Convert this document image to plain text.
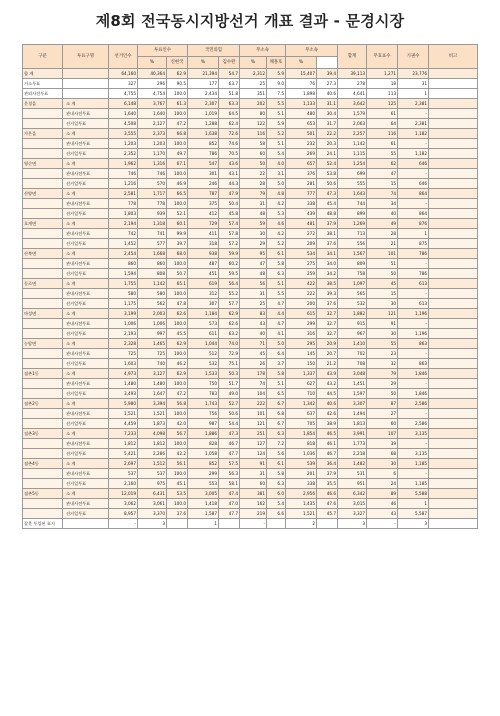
제8회 전국동시지방선거 개표 결과 - 문경시장
구분	투표구명	선거인수	투표인수		국민의힘		무소속		무소속		합계	무효표수	기권수	비고
			%	신현국	%	김수완	%	채홍호	%					
합 계		64,160	40,364	62.9	21,394	54.7	2,312	5.9	15,407	39.4	39,113	1,271	23,776	
거소투표		327	296	90.5	177	63.7	25	9.0	76	27.3	278	18	31	
관외사전투표		4,755	4,754	100.0	2,434	51.8	351	7.5	1,898	40.6	4,641	113	1	
문경읍	소 계	6,148	3,767	61.3	2,307	63.3	202	5.5	1,133	31.1	3,642	125	2,381	
	관내사전투표	1,640	1,640	100.0	1,019	64.5	80	5.1	480	30.4	1,579	61	-	
	선거일투표	4,508	2,127	47.2	1,288	62.4	122	5.9	653	31.7	2,063	64	2,381	
가은읍	소 계	3,555	2,373	66.8	1,638	72.6	116	5.2	501	22.2	2,257	116	1,182	
	관내사전투표	1,203	1,203	100.0	852	74.6	58	5.1	232	20.3	1,142	61	-	
	선거일투표	2,352	1,170	49.7	786	70.5	60	5.4	269	24.1	1,115	55	1,182	
영순면	소 계	1,962	1,316	67.1	547	43.6	50	4.0	657	52.4	1,254	62	646	
	관내사전투표	746	746	100.0	301	43.1	22	3.1	376	53.8	699	47	-	
	선거일투표	1,216	570	46.9	246	44.3	28	5.0	281	50.6	555	15	646	
산양면	소 계	2,581	1,717	66.5	787	47.9	79	4.8	777	47.3	1,643	74	864	
	관내사전투표	778	778	100.0	375	50.4	31	4.2	338	45.4	744	34	-	
	선거일투표	1,803	939	52.1	412	45.8	48	5.3	439	48.8	899	40	864	
호계면	소 계	2,194	1,318	60.1	729	57.4	59	4.6	481	37.9	1,269	49	876	
	관내사전투표	742	741	99.9	411	57.8	30	4.2	272	38.1	713	28	1	
	선거일투표	1,452	577	39.7	318	57.2	29	5.2	209	37.6	556	21	875	
산북면	소 계	2,454	1,668	68.0	938	59.9	95	6.1	534	34.1	1,567	101	786	
	관내사전투표	860	860	100.0	487	60.2	47	5.8	275	34.0	809	51	-	
	선거일투표	1,594	808	50.7	451	59.5	48	6.3	259	34.2	758	50	786	
동로면	소 계	1,755	1,142	65.1	619	56.4	56	5.1	422	38.5	1,097	45	613	
	관내사전투표	580	580	100.0	312	55.2	31	5.5	222	39.3	565	15	-	
	선거일투표	1,175	562	47.8	307	57.7	25	4.7	200	37.6	532	30	613	
마성면	소 계	3,199	2,003	62.6	1,184	62.9	83	4.4	615	32.7	1,882	121	1,196	
	관내사전투표	1,006	1,006	100.0	573	62.6	43	4.7	299	32.7	915	91	-	
	선거일투표	2,193	997	45.5	611	63.2	40	4.1	316	32.7	967	30	1,196	
농암면	소 계	2,328	1,465	62.9	1,044	74.0	71	5.0	295	20.9	1,410	55	863	
	관내사전투표	725	725	100.0	512	72.9	45	6.4	145	20.7	702	23	-	
	선거일투표	1,603	740	46.2	532	75.1	26	3.7	150	21.2	708	32	863	
점촌1동	소 계	4,973	3,127	62.9	1,533	50.3	178	5.8	1,337	43.9	3,048	79	1,846	
	관내사전투표	1,480	1,480	100.0	750	51.7	74	5.1	627	43.2	1,451	29	-	
	선거일투표	3,493	1,647	47.2	783	49.0	104	6.5	710	44.5	1,597	50	1,846	
점촌2동	소 계	5,980	3,394	56.8	1,743	52.7	222	6.7	1,342	40.6	3,307	87	2,586	
	관내사전투표	1,521	1,521	100.0	756	50.6	101	6.8	637	42.6	1,494	27	-	
	선거일투표	4,459	1,873	42.0	987	54.4	121	6.7	705	38.9	1,813	60	2,586	
점촌3동	소 계	7,233	4,098	56.7	1,886	47.3	251	6.3	1,854	46.5	3,991	107	3,135	
	관내사전투표	1,812	1,812	100.0	828	46.7	127	7.2	818	46.1	1,773	39	-	
	선거일투표	5,421	2,286	42.2	1,058	47.7	124	5.6	1,036	46.7	2,218	68	3,135	
점촌4동	소 계	2,697	1,512	56.1	852	57.5	91	6.1	539	36.4	1,482	30	1,185	
	관내사전투표	537	537	100.0	299	56.3	31	5.8	201	37.9	531	6	-	
	선거일투표	2,160	975	45.1	553	58.1	60	6.3	338	35.5	951	24	1,185	
점촌5동	소 계	12,019	6,431	53.5	3,005	47.4	381	6.0	2,956	46.6	6,342	89	5,588	
	관내사전투표	3,062	3,061	100.0	1,418	47.0	162	5.4	1,435	47.6	3,015	46	1	
	선거일투표	8,957	3,370	37.6	1,587	47.7	219	6.6	1,521	45.7	3,327	43	5,587	
잘못 투입된 표지		-	3		1		-		2		3	-	3	
